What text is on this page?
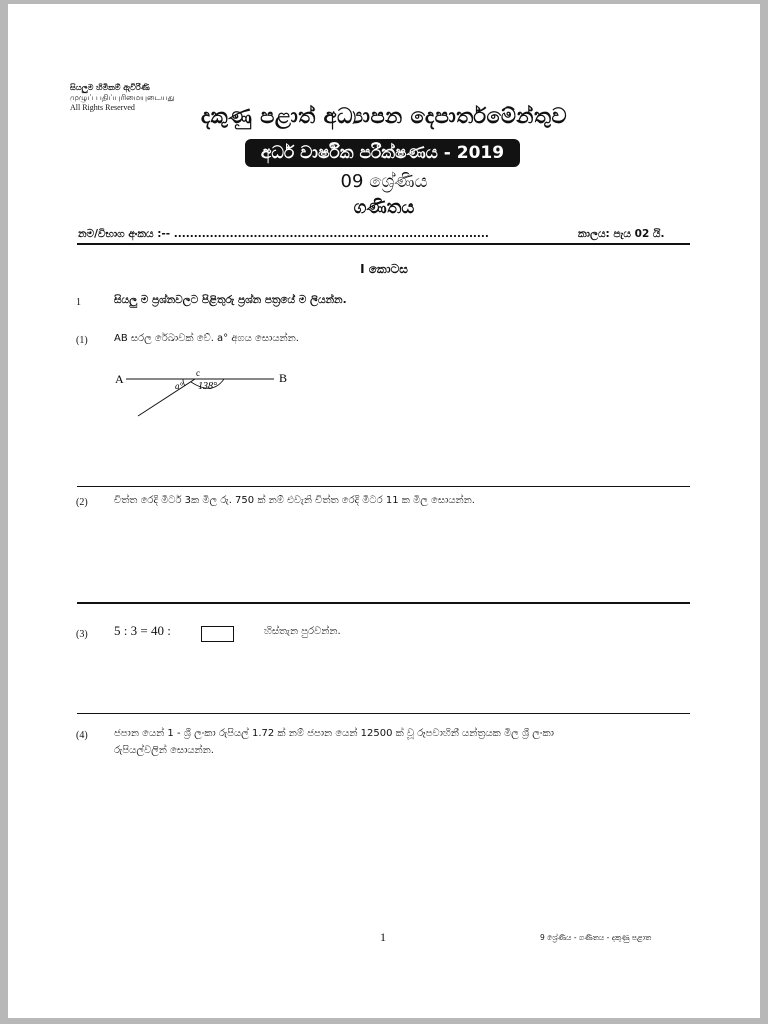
සියලුම හිමිකම් ඇවිරිණි
முழுப் பதிப்புரிமையுடையது
All Rights Reserved	දකුණු පළාත් අධ්‍යාපන දෙපාර්තමේන්තුව
අර්ධ වාර්ෂික පරීක්ෂණය - 2019
09 ශ්‍රේණිය
ගණිතය
නම/විභාග අංකය :-- ...............................................................................	කාලය: පැය 02 යි.
I කොටස
1	සියලු ම ප්‍රශ්නවලට පිළිතුරු ප්‍රශ්න පත්‍රයේ ම ලියන්න.
(1)	AB සරල රේඛාවක් වේ. a° අගය සොයන්න.
A	B
c
a° 138°
(2)	චිත්ත රෙදි මීටර් 3ක මිල රු. 750 ක් නම් එවැනි චිත්ත රෙදි මීටර 11 ක මිල සොයන්න.
(3) 5 : 3 = 40 :	හිස්තැන පුරවන්න.
(4)	ජපාන යෙන් 1 - ශ්‍රී ලංකා රුපියල් 1.72 ක් නම් ජපාන යෙන් 12500 ක් වූ රූපවාහිනී යන්ත්‍රයක මිල ශ්‍රී ලංකා
රුපියල්වලින් සොයන්න.
1	9 ශ්‍රේණිය - ගණිතය - දකුණු පළාත
